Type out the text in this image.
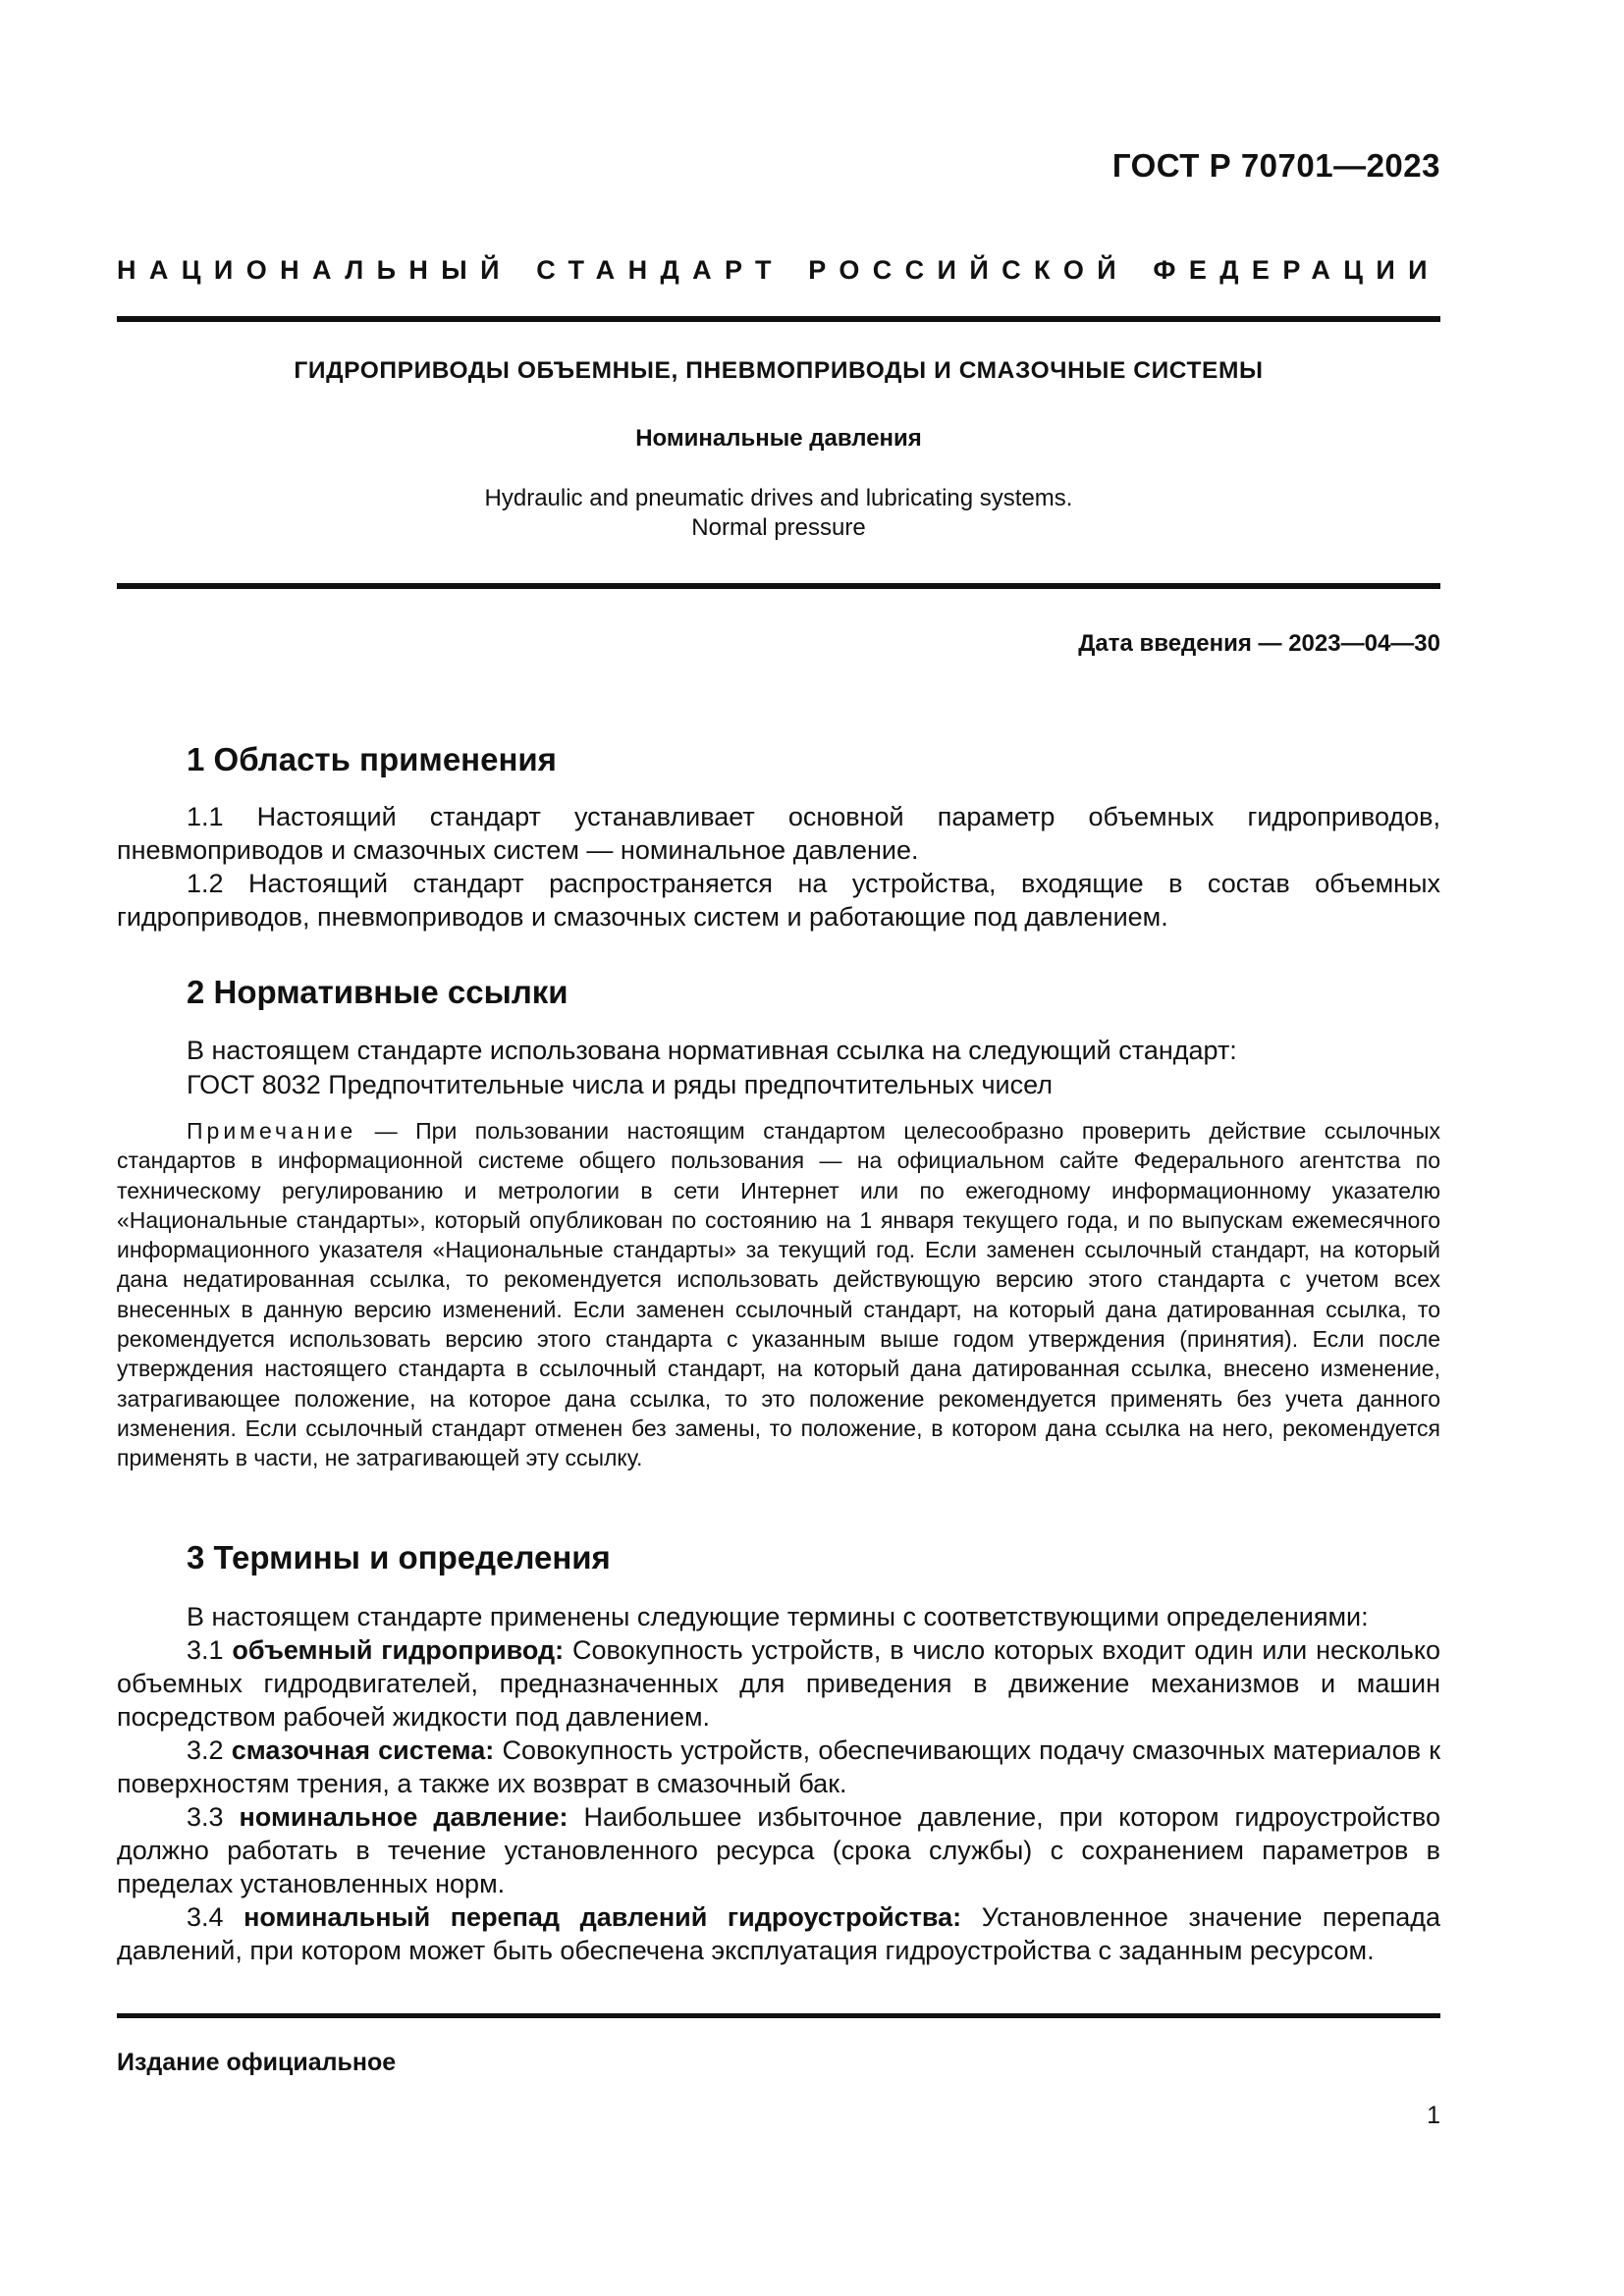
ГОСТ Р 70701—2023
НАЦИОНАЛЬНЫЙ СТАНДАРТ РОССИЙСКОЙ ФЕДЕРАЦИИ
ГИДРОПРИВОДЫ ОБЪЕМНЫЕ, ПНЕВМОПРИВОДЫ И СМАЗОЧНЫЕ СИСТЕМЫ
Номинальные давления
Hydraulic and pneumatic drives and lubricating systems.
Normal pressure
Дата введения — 2023—04—30
1 Область применения

1.1 Настоящий стандарт устанавливает основной параметр объемных гидроприводов, пневмоприводов и смазочных систем — номинальное давление.

1.2 Настоящий стандарт распространяется на устройства, входящие в состав объемных гидроприводов, пневмоприводов и смазочных систем и работающие под давлением.

2 Нормативные ссылки

В настоящем стандарте использована нормативная ссылка на следующий стандарт:

ГОСТ 8032 Предпочтительные числа и ряды предпочтительных чисел

Примечание — При пользовании настоящим стандартом целесообразно проверить действие ссылочных стандартов в информационной системе общего пользования — на официальном сайте Федерального агентства по техническому регулированию и метрологии в сети Интернет или по ежегодному информационному указателю «Национальные стандарты», который опубликован по состоянию на 1 января текущего года, и по выпускам ежемесячного информационного указателя «Национальные стандарты» за текущий год. Если заменен ссылочный стандарт, на который дана недатированная ссылка, то рекомендуется использовать действующую версию этого стандарта с учетом всех внесенных в данную версию изменений. Если заменен ссылочный стандарт, на который дана датированная ссылка, то рекомендуется использовать версию этого стандарта с указанным выше годом утверждения (принятия). Если после утверждения настоящего стандарта в ссылочный стандарт, на который дана датированная ссылка, внесено изменение, затрагивающее положение, на которое дана ссылка, то это положение рекомендуется применять без учета данного изменения. Если ссылочный стандарт отменен без замены, то положение, в котором дана ссылка на него, рекомендуется применять в части, не затрагивающей эту ссылку.

3 Термины и определения

В настоящем стандарте применены следующие термины с соответствующими определениями:

3.1 объемный гидропривод: Совокупность устройств, в число которых входит один или несколько объемных гидродвигателей, предназначенных для приведения в движение механизмов и машин посредством рабочей жидкости под давлением.

3.2 смазочная система: Совокупность устройств, обеспечивающих подачу смазочных материалов к поверхностям трения, а также их возврат в смазочный бак.

3.3 номинальное давление: Наибольшее избыточное давление, при котором гидроустройство должно работать в течение установленного ресурса (срока службы) с сохранением параметров в пределах установленных норм.

3.4 номинальный перепад давлений гидроустройства: Установленное значение перепада давлений, при котором может быть обеспечена эксплуатация гидроустройства с заданным ресурсом.

Издание официальное
1
